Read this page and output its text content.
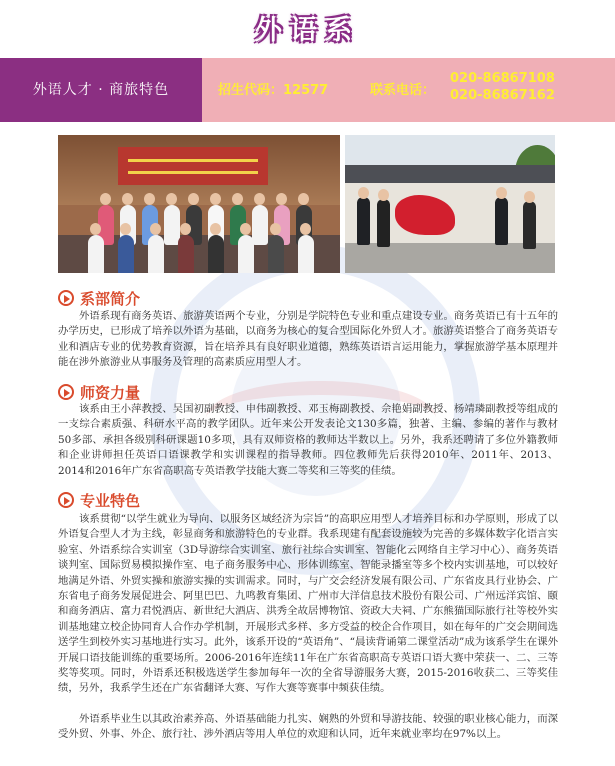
外语系
外语人才 · 商旅特色	招生代码：12577	联系电话：
020-86867108
020-86867162
系部简介

外语系现有商务英语、旅游英语两个专业，分别是学院特色专业和重点建设专业。商务英语已有十五年的办学历史，已形成了培养以外语为基础，以商务为核心的复合型国际化外贸人才。旅游英语整合了商务英语专业和酒店专业的优势教育资源，旨在培养具有良好职业道德，熟练英语语言运用能力，掌握旅游学基本原理并能在涉外旅游业从事服务及管理的高素质应用型人才。

师资力量

该系由王小萍教授、吴国初副教授、申伟副教授、邓玉梅副教授、佘艳娟副教授、杨靖璘副教授等组成的一支综合素质强、科研水平高的教学团队。近年来公开发表论文130多篇，独著、主编、参编的著作与教材50多部、承担各级别科研课题10多项，具有双师资格的教师达半数以上。另外，我系还聘请了多位外籍教师和企业讲师担任英语口语课教学和实训课程的指导教师。四位教师先后获得2010年、2011年、2013、2014和2016年广东省高职高专英语教学技能大赛二等奖和三等奖的佳绩。

专业特色

该系贯彻“以学生就业为导向、以服务区域经济为宗旨”的高职应用型人才培养目标和办学原则，形成了以外语复合型人才为主线，彰显商务和旅游特色的专业群。我系现建有配套设施较为完善的多媒体数字化语言实验室、外语系综合实训室（3D导游综合实训室、旅行社综合实训室、智能化云网络自主学习中心）、商务英语谈判室、国际贸易模拟操作室、电子商务服务中心、形体训练室、智能录播室等多个校内实训基地，可以较好地满足外语、外贸实操和旅游实操的实训需求。同时，与广交会经济发展有限公司、广东省皮具行业协会、广东省电子商务发展促进会、阿里巴巴、九鸣教育集团、广州市大洋信息技术股份有限公司、广州远洋宾馆、颐和商务酒店、富力君悦酒店、新世纪大酒店、洪秀全故居博物馆、资政大夫祠、广东熊猫国际旅行社等校外实训基地建立校企协同育人合作办学机制，开展形式多样、多方受益的校企合作项目，如在每年的广交会期间选送学生到校外实习基地进行实习。此外，该系开设的“英语角”、“晨读背诵第二课堂活动”成为该系学生在课外开展口语技能训练的重要场所。2006-2016年连续11年在广东省高职高专英语口语大赛中荣获一、二、三等奖等奖项。同时，外语系还积极选送学生参加每年一次的全省导游服务大赛，2015-2016收获二、三等奖佳绩，另外，我系学生还在广东省翻译大赛、写作大赛等赛事中频获佳绩。

外语系毕业生以其政治素养高、外语基础能力扎实、娴熟的外贸和导游技能、较强的职业核心能力，而深受外贸、外事、外企、旅行社、涉外酒店等用人单位的欢迎和认同，近年来就业率均在97%以上。
